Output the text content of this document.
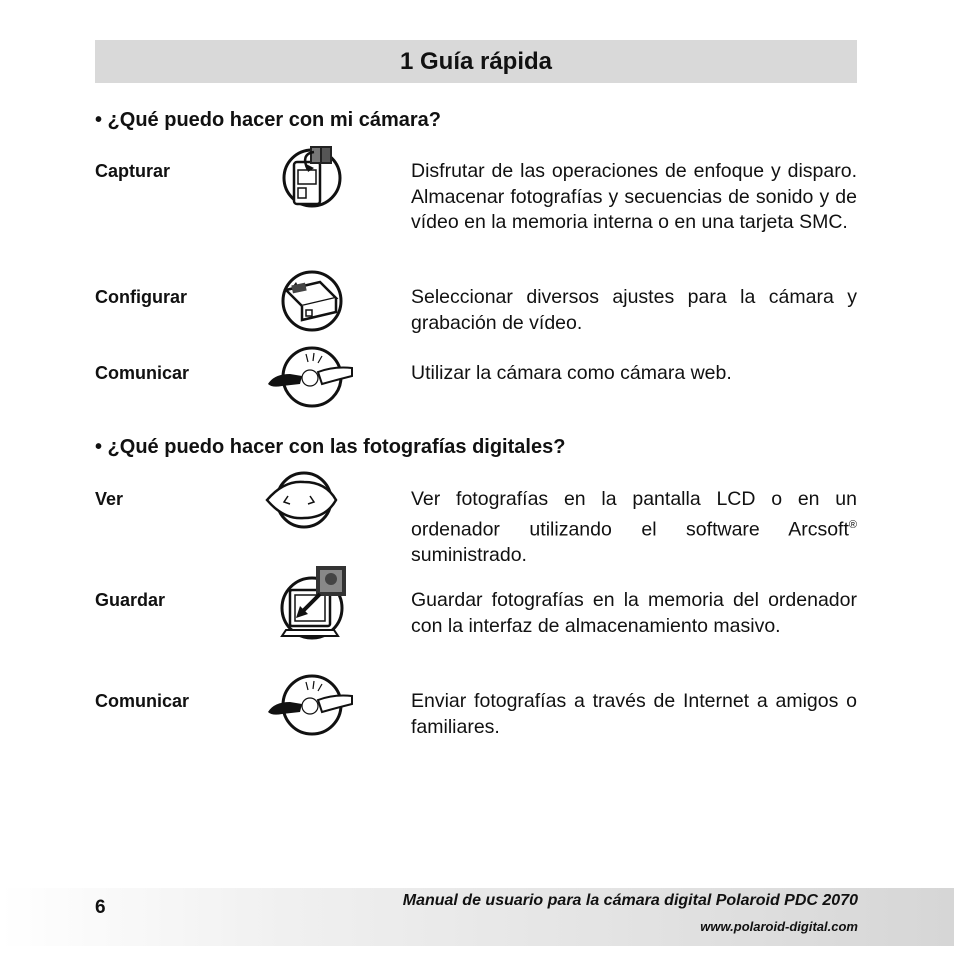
1 Guía rápida
• ¿Qué puedo hacer con mi cámara?
Capturar	Disfrutar de las operaciones de enfoque y disparo. Almacenar fotografías y secuencias de sonido y de vídeo en la memoria interna o en una tarjeta SMC.
Configurar	Seleccionar diversos ajustes para la cámara y grabación de vídeo.
Comunicar	Utilizar la cámara como cámara web.
• ¿Qué puedo hacer con las fotografías digitales?
Ver	Ver fotografías en la pantalla LCD o en un ordenador utilizando el software Arcsoft® suministrado.
Guardar	Guardar fotografías en la memoria del ordenador con la interfaz de almacenamiento masivo.
Comunicar	Enviar fotografías a través de Internet a amigos o familiares.
6	Manual de usuario para la cámara digital Polaroid PDC 2070
www.polaroid-digital.com
